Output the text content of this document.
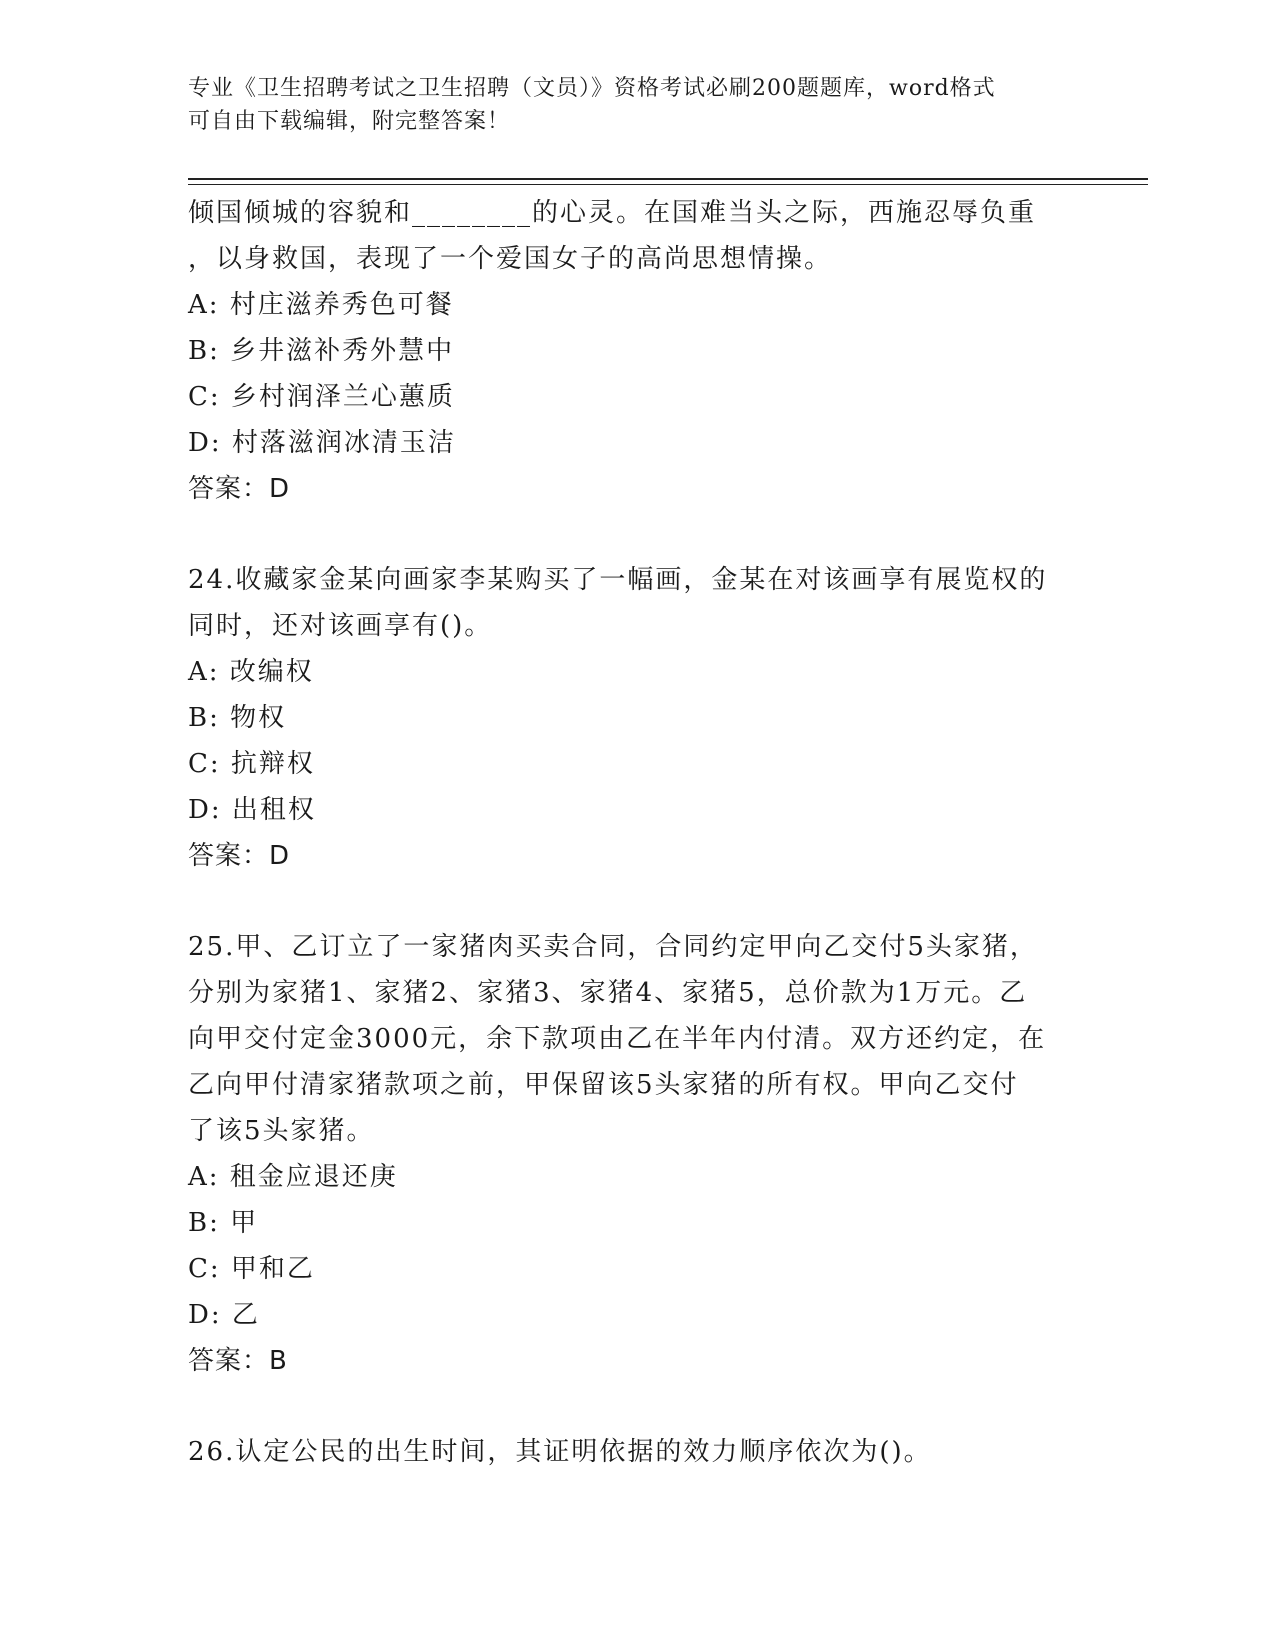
专业《卫生招聘考试之卫生招聘（文员）》资格考试必刷200题题库，word格式
可自由下载编辑，附完整答案！
倾国倾城的容貌和________的心灵。在国难当头之际，西施忍辱负重
，以身救国，表现了一个爱国女子的高尚思想情操。
A: 村庄滋养秀色可餐
B: 乡井滋补秀外慧中
C: 乡村润泽兰心蕙质
D: 村落滋润冰清玉洁
答案：D
24.收藏家金某向画家李某购买了一幅画，金某在对该画享有展览权的
同时，还对该画享有()。
A: 改编权
B: 物权
C: 抗辩权
D: 出租权
答案：D
25.甲、乙订立了一家猪肉买卖合同，合同约定甲向乙交付5头家猪，
分别为家猪1、家猪2、家猪3、家猪4、家猪5，总价款为1万元。乙
向甲交付定金3000元，余下款项由乙在半年内付清。双方还约定，在
乙向甲付清家猪款项之前，甲保留该5头家猪的所有权。甲向乙交付
了该5头家猪。
A: 租金应退还庚
B: 甲
C: 甲和乙
D: 乙
答案：B
26.认定公民的出生时间，其证明依据的效力顺序依次为()。
